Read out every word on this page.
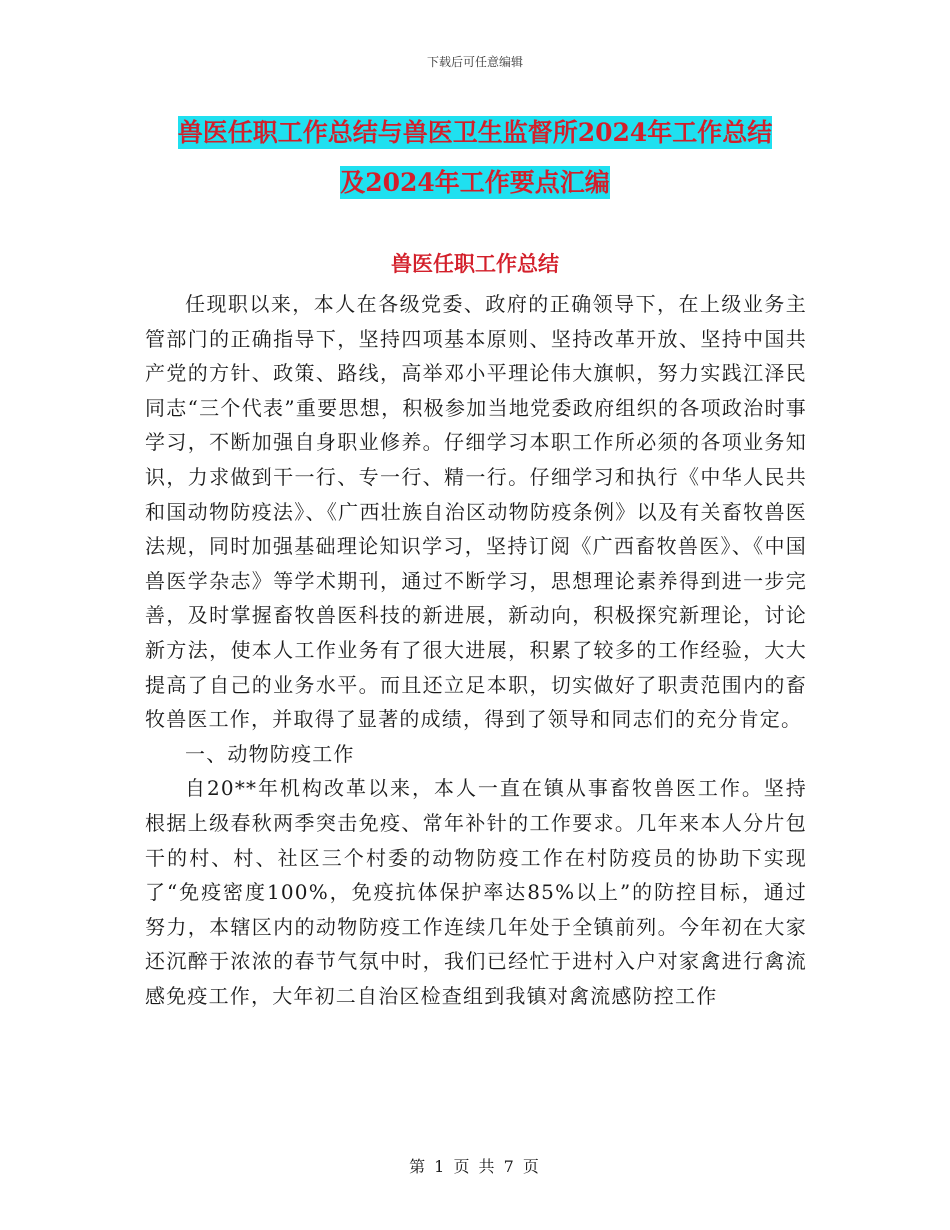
下载后可任意编辑
兽医任职工作总结与兽医卫生监督所2024年工作总结
及2024年工作要点汇编
兽医任职工作总结

任现职以来，本人在各级党委、政府的正确领导下，在上级业务主管部门的正确指导下，坚持四项基本原则、坚持改革开放、坚持中国共产党的方针、政策、路线，高举邓小平理论伟大旗帜，努力实践江泽民同志“三个代表”重要思想，积极参加当地党委政府组织的各项政治时事学习，不断加强自身职业修养。仔细学习本职工作所必须的各项业务知识，力求做到干一行、专一行、精一行。仔细学习和执行《中华人民共和国动物防疫法》、《广西壮族自治区动物防疫条例》以及有关畜牧兽医法规，同时加强基础理论知识学习，坚持订阅《广西畜牧兽医》、《中国兽医学杂志》等学术期刊，通过不断学习，思想理论素养得到进一步完善，及时掌握畜牧兽医科技的新进展，新动向，积极探究新理论，讨论新方法，使本人工作业务有了很大进展，积累了较多的工作经验，大大提高了自己的业务水平。而且还立足本职，切实做好了职责范围内的畜牧兽医工作，并取得了显著的成绩，得到了领导和同志们的充分肯定。

一、动物防疫工作

自20**年机构改革以来，本人一直在镇从事畜牧兽医工作。坚持根据上级春秋两季突击免疫、常年补针的工作要求。几年来本人分片包干的村、村、社区三个村委的动物防疫工作在村防疫员的协助下实现了“免疫密度100%，免疫抗体保护率达85%以上”的防控目标，通过努力，本辖区内的动物防疫工作连续几年处于全镇前列。今年初在大家还沉醉于浓浓的春节气氛中时，我们已经忙于进村入户对家禽进行禽流感免疫工作，大年初二自治区检查组到我镇对禽流感防控工作

第 1 页 共 7 页
